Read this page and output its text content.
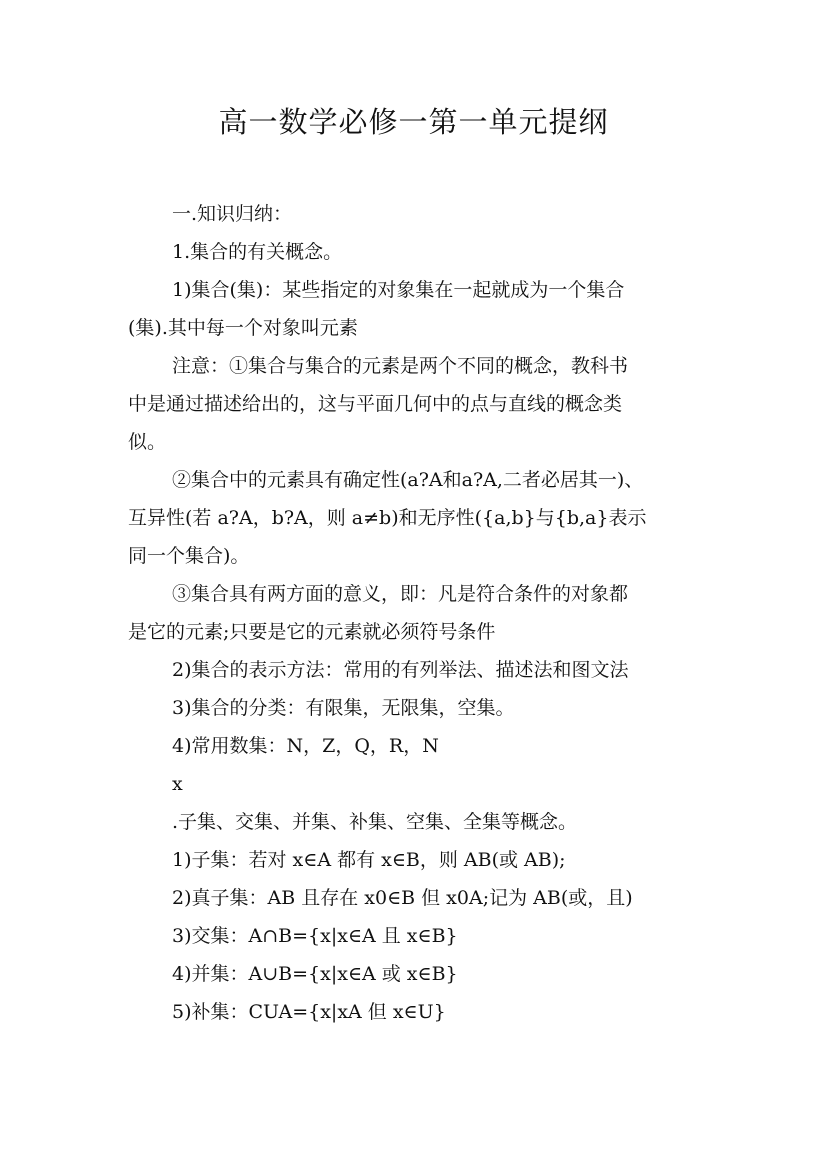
高一数学必修一第一单元提纲
一.知识归纳：
1.集合的有关概念。
1)集合(集)：某些指定的对象集在一起就成为一个集合
(集).其中每一个对象叫元素
注意：①集合与集合的元素是两个不同的概念，教科书
中是通过描述给出的，这与平面几何中的点与直线的概念类
似。
②集合中的元素具有确定性(a?A和a?A,二者必居其一)、
互异性(若 a?A，b?A，则 a≠b)和无序性({a,b}与{b,a}表示
同一个集合)。
③集合具有两方面的意义，即：凡是符合条件的对象都
是它的元素;只要是它的元素就必须符号条件
2)集合的表示方法：常用的有列举法、描述法和图文法
3)集合的分类：有限集，无限集，空集。
4)常用数集：N，Z，Q，R，N
x
.子集、交集、并集、补集、空集、全集等概念。
1)子集：若对 x∈A 都有 x∈B，则 AB(或 AB);
2)真子集：AB 且存在 x0∈B 但 x0A;记为 AB(或，且)
3)交集：A∩B={x|x∈A 且 x∈B}
4)并集：A∪B={x|x∈A 或 x∈B}
5)补集：CUA={x|xA 但 x∈U}
